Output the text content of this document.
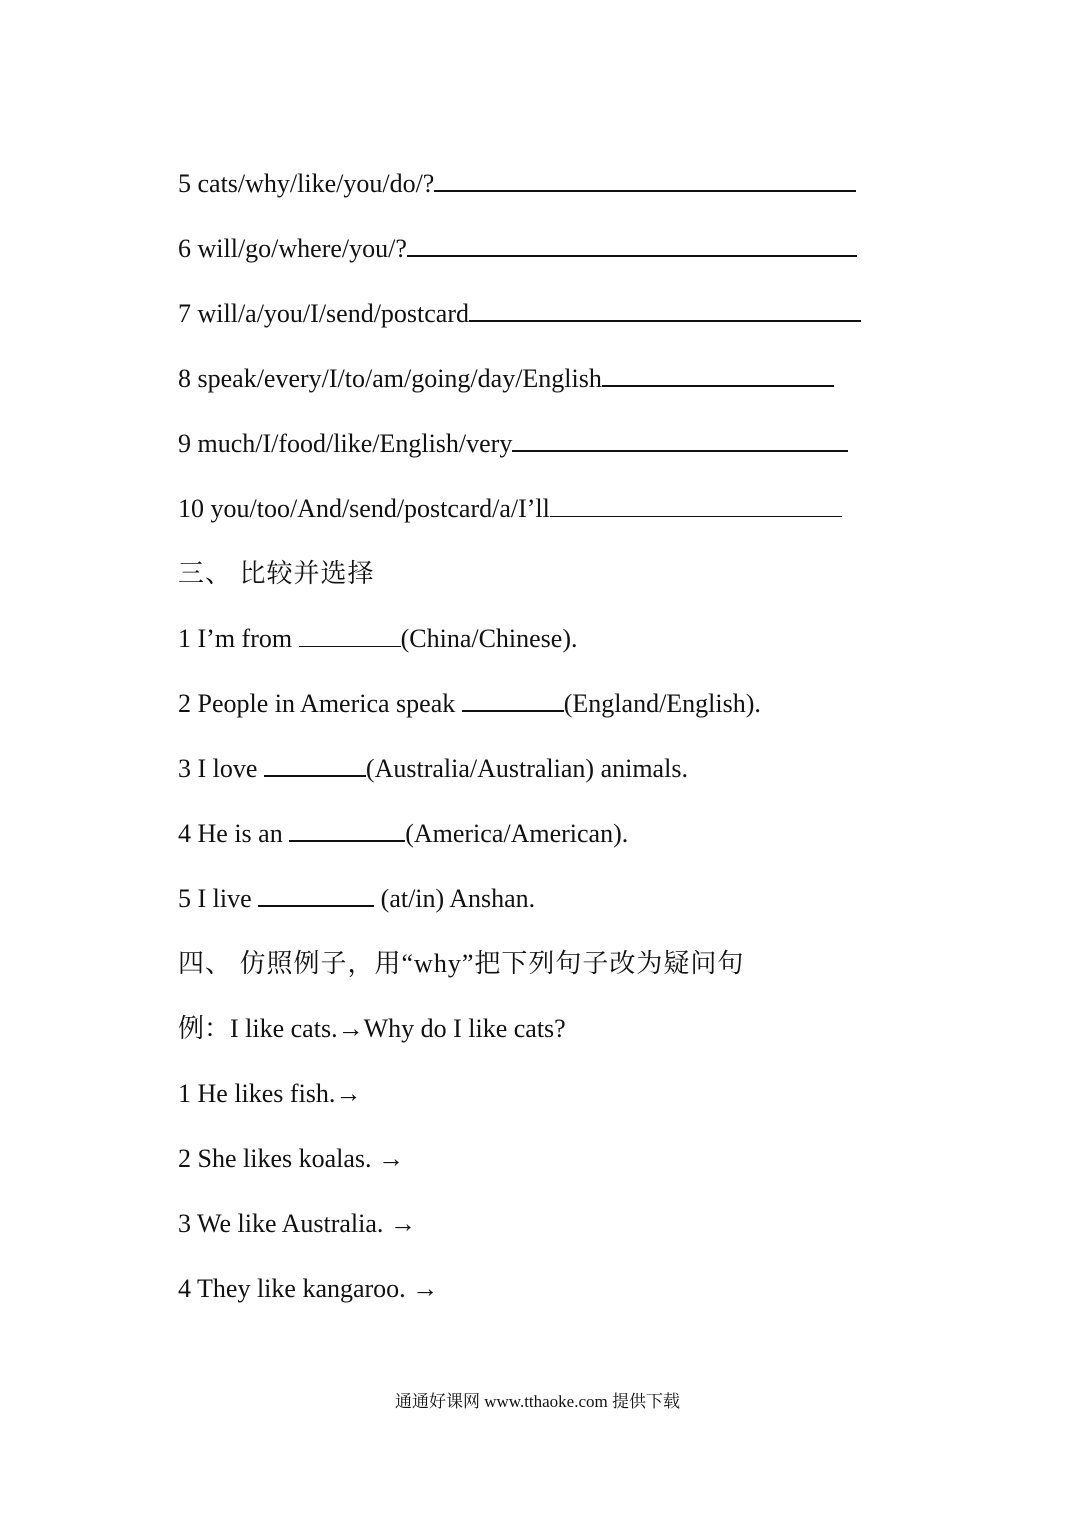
5 cats/why/like/you/do/?
6 will/go/where/you/?
7 will/a/you/I/send/postcard
8 speak/every/I/to/am/going/day/English
9 much/I/food/like/English/very
10 you/too/And/send/postcard/a/I’ll
三、 比较并选择
1 I’m from	(China/Chinese).
2 People in America speak	(England/English).
3 I love	(Australia/Australian) animals.
4 He is an	(America/American).
5 I live	(at/in) Anshan.
四、 仿照例子，用“why”把下列句子改为疑问句
例：I like cats.→Why do I like cats?
1 He likes fish.→
2 She likes koalas. →
3 We like Australia. →
4 They like kangaroo. →
通通好课网 www.tthaoke.com 提供下载
